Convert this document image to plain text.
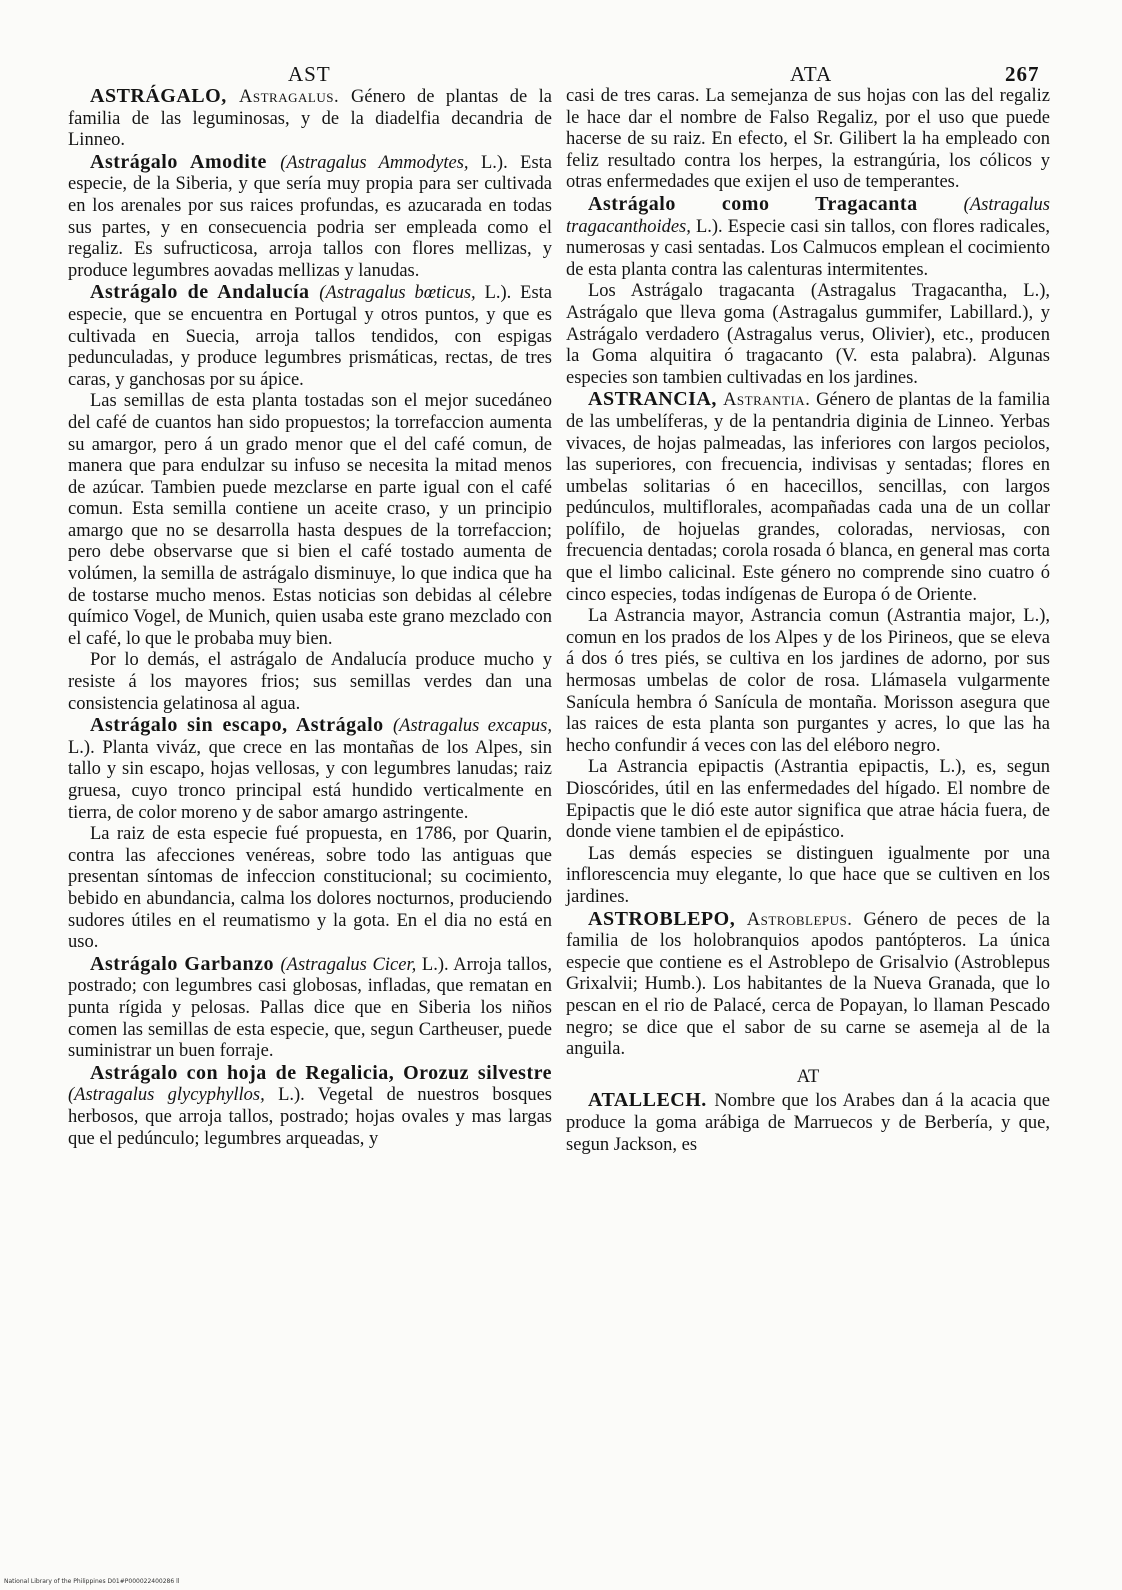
AST	ATA	267

ASTRÁGALO, Astragalus. Género de plantas de la familia de las leguminosas, y de la diadelfia decandria de Linneo.

Astrágalo Amodite (Astragalus Ammodytes, L.). Esta especie, de la Siberia, y que sería muy propia para ser cultivada en los arenales por sus raices profundas, es azucarada en todas sus partes, y en consecuencia podria ser empleada como el regaliz. Es sufructicosa, arroja tallos con flores mellizas, y produce legumbres aovadas mellizas y lanudas.

Astrágalo de Andalucía (Astragalus bœticus, L.). Esta especie, que se encuentra en Portugal y otros puntos, y que es cultivada en Suecia, arroja tallos tendidos, con espigas pedunculadas, y produce legumbres prismáticas, rectas, de tres caras, y ganchosas por su ápice.

Las semillas de esta planta tostadas son el mejor sucedáneo del café de cuantos han sido propuestos; la torrefaccion aumenta su amargor, pero á un grado menor que el del café comun, de manera que para endulzar su infuso se necesita la mitad menos de azúcar. Tambien puede mezclarse en parte igual con el café comun. Esta semilla contiene un aceite craso, y un principio amargo que no se desarrolla hasta despues de la torrefaccion; pero debe observarse que si bien el café tostado aumenta de volúmen, la semilla de astrágalo disminuye, lo que indica que ha de tostarse mucho menos. Estas noticias son debidas al célebre químico Vogel, de Munich, quien usaba este grano mezclado con el café, lo que le probaba muy bien.

Por lo demás, el astrágalo de Andalucía produce mucho y resiste á los mayores frios; sus semillas verdes dan una consistencia gelatinosa al agua.

Astrágalo sin escapo, Astrágalo (Astragalus excapus, L.). Planta viváz, que crece en las montañas de los Alpes, sin tallo y sin escapo, hojas vellosas, y con legumbres lanudas; raiz gruesa, cuyo tronco principal está hundido verticalmente en tierra, de color moreno y de sabor amargo astringente.

La raiz de esta especie fué propuesta, en 1786, por Quarin, contra las afecciones venéreas, sobre todo las antiguas que presentan síntomas de infeccion constitucional; su cocimiento, bebido en abundancia, calma los dolores nocturnos, produciendo sudores útiles en el reumatismo y la gota. En el dia no está en uso.

Astrágalo Garbanzo (Astragalus Cicer, L.). Arroja tallos, postrado; con legumbres casi globosas, infladas, que rematan en punta rígida y pelosas. Pallas dice que en Siberia los niños comen las semillas de esta especie, que, segun Cartheuser, puede suministrar un buen forraje.

Astrágalo con hoja de Regalicia, Orozuz silvestre (Astragalus glycyphyllos, L.). Vegetal de nuestros bosques herbosos, que arroja tallos, postrado; hojas ovales y mas largas que el pedúnculo; legumbres arqueadas, y

casi de tres caras. La semejanza de sus hojas con las del regaliz le hace dar el nombre de Falso Regaliz, por el uso que puede hacerse de su raiz. En efecto, el Sr. Gilibert la ha empleado con feliz resultado contra los herpes, la estrangúria, los cólicos y otras enfermedades que exijen el uso de temperantes.

Astrágalo como Tragacanta (Astragalus tragacanthoides, L.). Especie casi sin tallos, con flores radicales, numerosas y casi sentadas. Los Calmucos emplean el cocimiento de esta planta contra las calenturas intermitentes.

Los Astrágalo tragacanta (Astragalus Tragacantha, L.), Astrágalo que lleva goma (Astragalus gummifer, Labillard.), y Astrágalo verdadero (Astragalus verus, Olivier), etc., producen la Goma alquitira ó tragacanto (V. esta palabra). Algunas especies son tambien cultivadas en los jardines.

ASTRANCIA, Astrantia. Género de plantas de la familia de las umbelíferas, y de la pentandria diginia de Linneo. Yerbas vivaces, de hojas palmeadas, las inferiores con largos peciolos, las superiores, con frecuencia, indivisas y sentadas; flores en umbelas solitarias ó en hacecillos, sencillas, con largos pedúnculos, multiflorales, acompañadas cada una de un collar polífilo, de hojuelas grandes, coloradas, nerviosas, con frecuencia dentadas; corola rosada ó blanca, en general mas corta que el limbo calicinal. Este género no comprende sino cuatro ó cinco especies, todas indígenas de Europa ó de Oriente.

La Astrancia mayor, Astrancia comun (Astrantia major, L.), comun en los prados de los Alpes y de los Pirineos, que se eleva á dos ó tres piés, se cultiva en los jardines de adorno, por sus hermosas umbelas de color de rosa. Llámasela vulgarmente Sanícula hembra ó Sanícula de montaña. Morisson asegura que las raices de esta planta son purgantes y acres, lo que las ha hecho confundir á veces con las del eléboro negro.

La Astrancia epipactis (Astrantia epipactis, L.), es, segun Dioscórides, útil en las enfermedades del hígado. El nombre de Epipactis que le dió este autor significa que atrae hácia fuera, de donde viene tambien el de epipástico.

Las demás especies se distinguen igualmente por una inflorescencia muy elegante, lo que hace que se cultiven en los jardines.

ASTROBLEPO, Astroblepus. Género de peces de la familia de los holobranquios apodos pantópteros. La única especie que contiene es el Astroblepo de Grisalvio (Astroblepus Grixalvii; Humb.). Los habitantes de la Nueva Granada, que lo pescan en el rio de Palacé, cerca de Popayan, lo llaman Pescado negro; se dice que el sabor de su carne se asemeja al de la anguila.

AT

ATALLECH. Nombre que los Arabes dan á la acacia que produce la goma arábiga de Marruecos y de Berbería, y que, segun Jackson, es

National Library of the Philippines D01#P000022400286 ll
